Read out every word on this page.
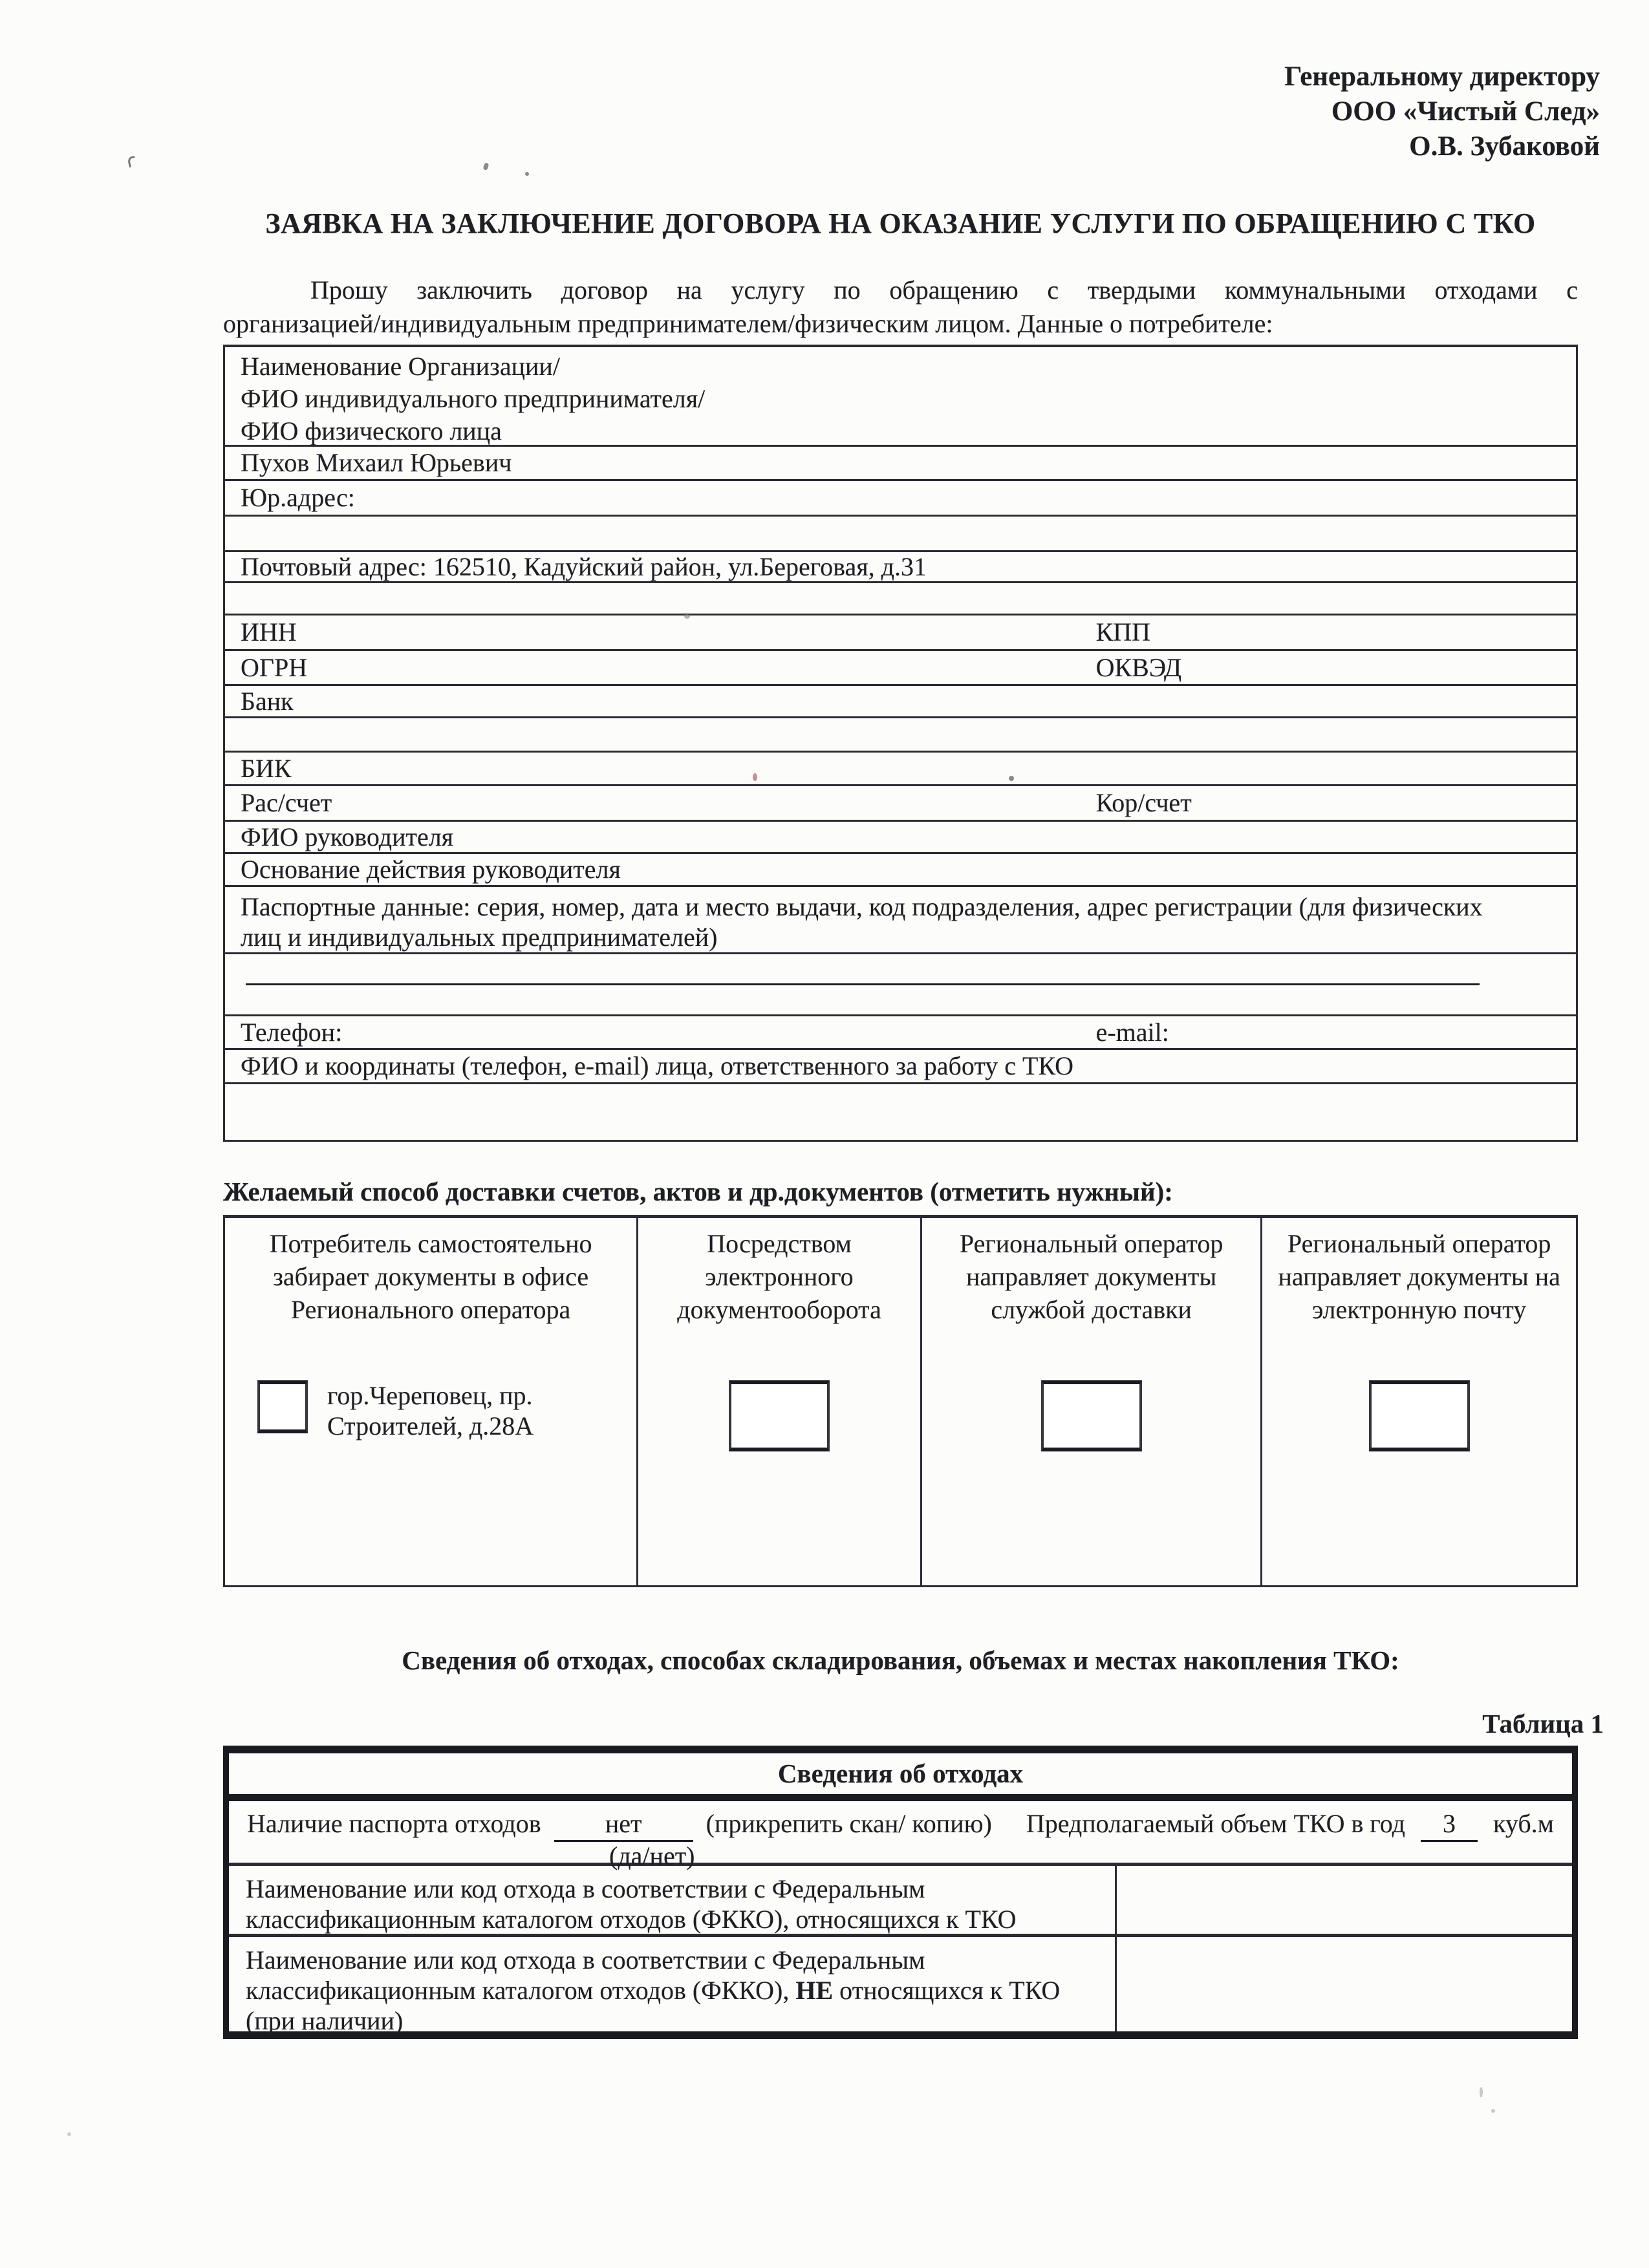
Генеральному директору
ООО «Чистый След»
О.В. Зубаковой
ЗАЯВКА НА ЗАКЛЮЧЕНИЕ ДОГОВОРА НА ОКАЗАНИЕ УСЛУГИ ПО ОБРАЩЕНИЮ С ТКО
Прошу заключить договор на услугу по обращению с твердыми коммунальными отходами с
организацией/индивидуальным предпринимателем/физическим лицом. Данные о потребителе:
Наименование Организации/
ФИО индивидуального предпринимателя/
ФИО физического лица
Пухов Михаил Юрьевич
Юр.адрес:
Почтовый адрес: 162510, Кадуйский район, ул.Береговая, д.31
ИНН	КПП
ОГРН	ОКВЭД
Банк
БИК
Рас/счет	Кор/счет
ФИО руководителя
Основание действия руководителя
Паспортные данные: серия, номер, дата и место выдачи, код подразделения, адрес регистрации (для физических лиц и индивидуальных предпринимателей)
Телефон:	e-mail:
ФИО и координаты (телефон, e-mail) лица, ответственного за работу с ТКО
Желаемый способ доставки счетов, актов и др.документов (отметить нужный):
Потребитель самостоятельно забирает документы в офисе Регионального оператора
гор.Череповец, пр. Строителей, д.28А
Посредством электронного документооборота
Региональный оператор направляет документы службой доставки
Региональный оператор направляет документы на электронную почту
Сведения об отходах, способах складирования, объемах и местах накопления ТКО:
Таблица 1
Сведения об отходах
Наличие паспорта отходов нет (прикрепить скан/ копию) Предполагаемый объем ТКО в год 3 куб.м
(да/нет)
Наименование или код отхода в соответствии с Федеральным классификационным каталогом отходов (ФККО), относящихся к ТКО
Наименование или код отхода в соответствии с Федеральным классификационным каталогом отходов (ФККО), НЕ относящихся к ТКО (при наличии)
